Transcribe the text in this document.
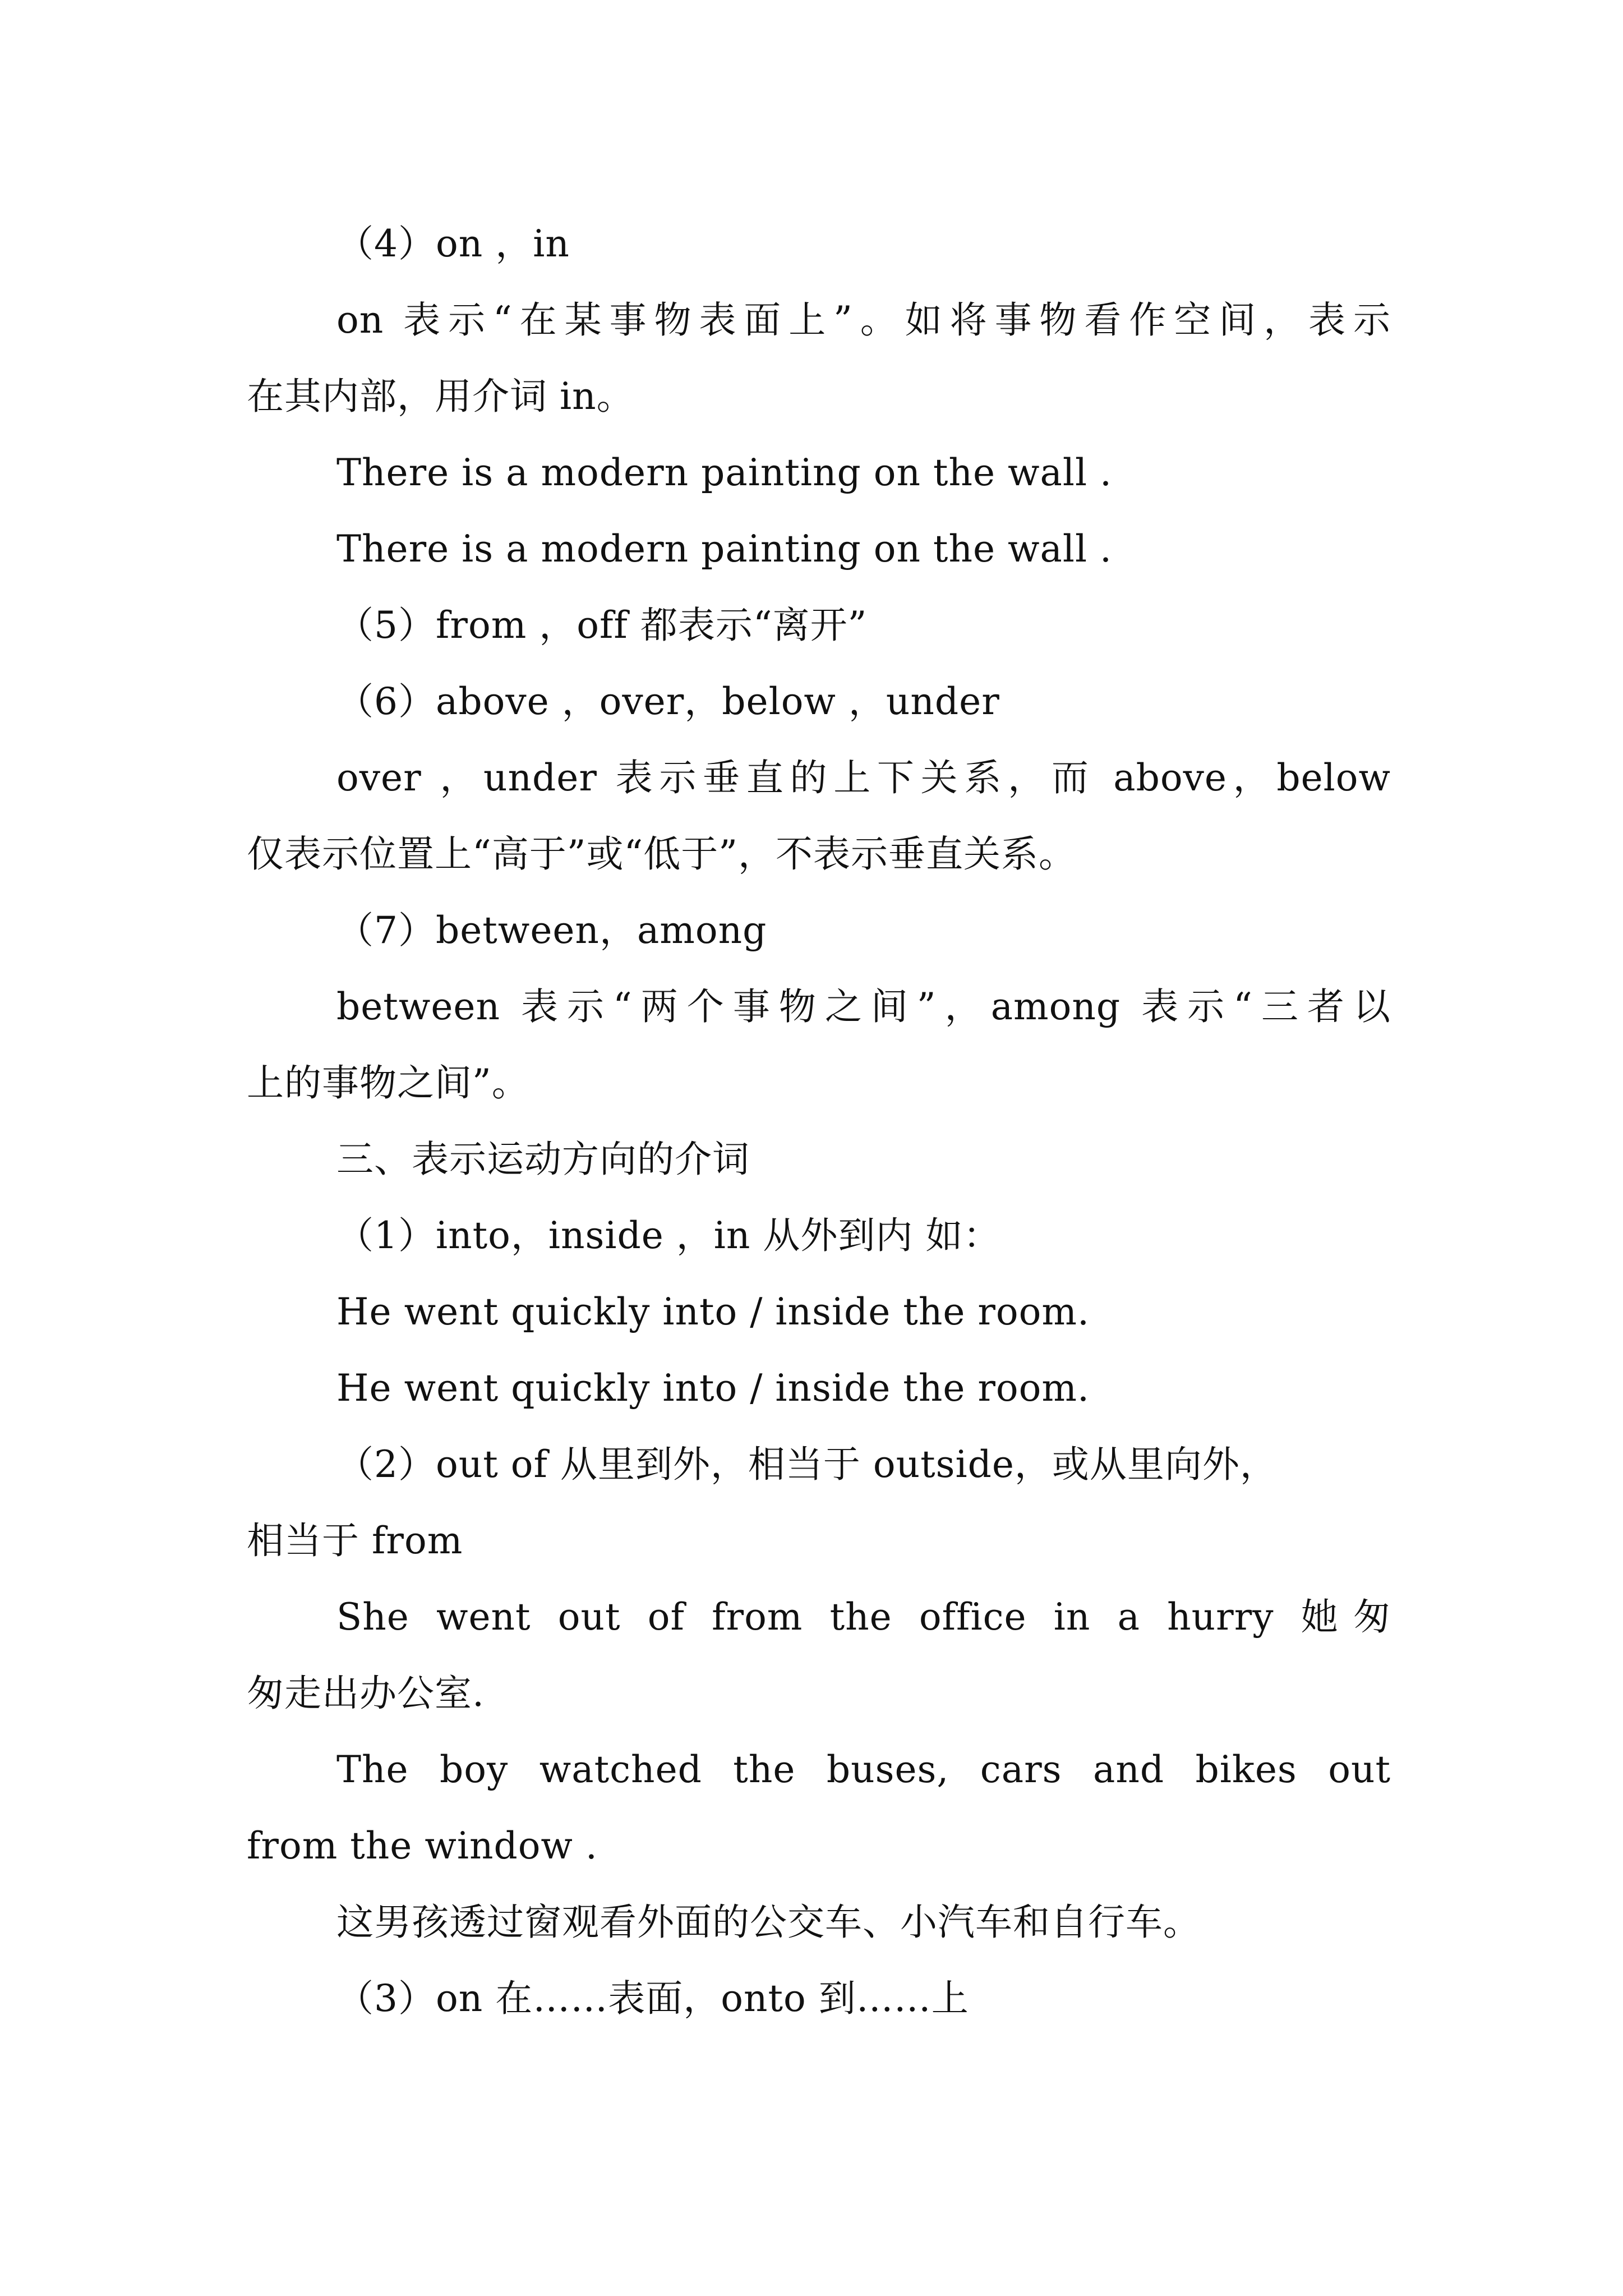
（4）on ，in
on 表示“在某事物表面上”。如将事物看作空间，表示
在其内部，用介词 in。
There is a modern painting on the wall .
There is a modern painting on the wall .
（5）from ，off 都表示“离开”
（6）above ，over，below ，under
over ，under 表示垂直的上下关系，而 above，below
仅表示位置上“高于”或“低于”，不表示垂直关系。
（7）between，among
between 表示“两个事物之间”，among 表示“三者以
上的事物之间”。
三、表示运动方向的介词
（1）into，inside ，in 从外到内 如：
He went quickly into / inside the room.
He went quickly into / inside the room.
（2）out of 从里到外，相当于 outside，或从里向外，
相当于 from
She went out of from the office in a hurry 她匆
匆走出办公室.
The boy watched the buses, cars and bikes out
from the window .
这男孩透过窗观看外面的公交车、小汽车和自行车。
（3）on 在……表面，onto 到……上
